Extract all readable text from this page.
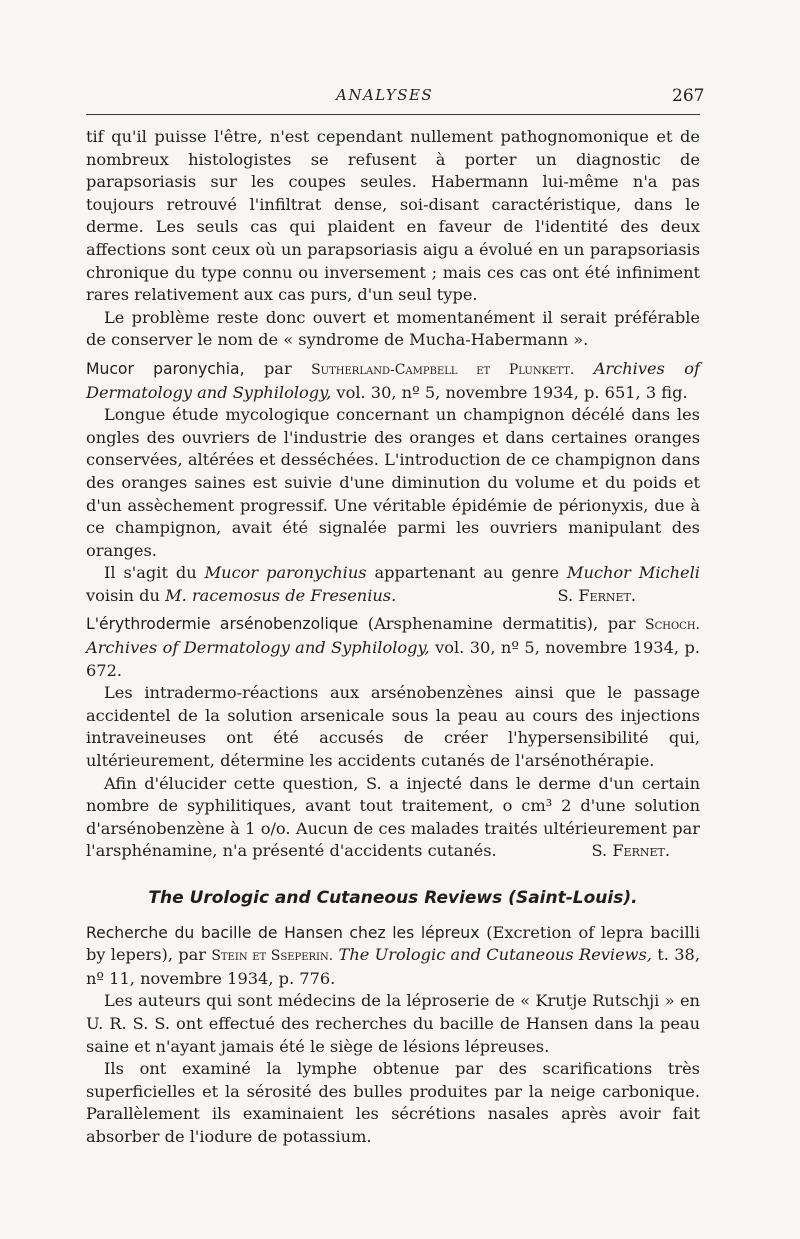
ANALYSES	267

tif qu'il puisse l'être, n'est cependant nullement pathognomonique et de nombreux histologistes se refusent à porter un diagnostic de parapsoriasis sur les coupes seules. Habermann lui-même n'a pas toujours retrouvé l'infiltrat dense, soi-disant caractéristique, dans le derme. Les seuls cas qui plaident en faveur de l'identité des deux affections sont ceux où un parapsoriasis aigu a évolué en un parapsoriasis chronique du type connu ou inversement ; mais ces cas ont été infiniment rares relativement aux cas purs, d'un seul type.

Le problème reste donc ouvert et momentanément il serait préférable de conserver le nom de « syndrome de Mucha-Habermann ».

Mucor paronychia, par Sutherland-Campbell et Plunkett. Archives of Dermatology and Syphilology, vol. 30, nº 5, novembre 1934, p. 651, 3 fig.

Longue étude mycologique concernant un champignon décélé dans les ongles des ouvriers de l'industrie des oranges et dans certaines oranges conservées, altérées et desséchées. L'introduction de ce champignon dans des oranges saines est suivie d'une diminution du volume et du poids et d'un assèchement progressif. Une véritable épidémie de périonyxis, due à ce champignon, avait été signalée parmi les ouvriers manipulant des oranges.

Il s'agit du Mucor paronychius appartenant au genre Muchor Micheli voisin du M. racemosus de Fresenius.	S. Fernet.

L'érythrodermie arsénobenzolique (Arsphenamine dermatitis), par Schoch. Archives of Dermatology and Syphilology, vol. 30, nº 5, novembre 1934, p. 672.

Les intradermo-réactions aux arsénobenzènes ainsi que le passage accidentel de la solution arsenicale sous la peau au cours des injections intraveineuses ont été accusés de créer l'hypersensibilité qui, ultérieurement, détermine les accidents cutanés de l'arsénothérapie.

Afin d'élucider cette question, S. a injecté dans le derme d'un certain nombre de syphilitiques, avant tout traitement, o cm³ 2 d'une solution d'arsénobenzène à 1 o/o. Aucun de ces malades traités ultérieurement par l'arsphénamine, n'a présenté d'accidents cutanés.	S. Fernet.

The Urologic and Cutaneous Reviews (Saint-Louis).

Recherche du bacille de Hansen chez les lépreux (Excretion of lepra bacilli by lepers), par Stein et Sseperin. The Urologic and Cutaneous Reviews, t. 38, nº 11, novembre 1934, p. 776.

Les auteurs qui sont médecins de la léproserie de « Krutje Rutschji » en U. R. S. S. ont effectué des recherches du bacille de Hansen dans la peau saine et n'ayant jamais été le siège de lésions lépreuses.

Ils ont examiné la lymphe obtenue par des scarifications très superficielles et la sérosité des bulles produites par la neige carbonique. Parallèlement ils examinaient les sécrétions nasales après avoir fait absorber de l'iodure de potassium.
